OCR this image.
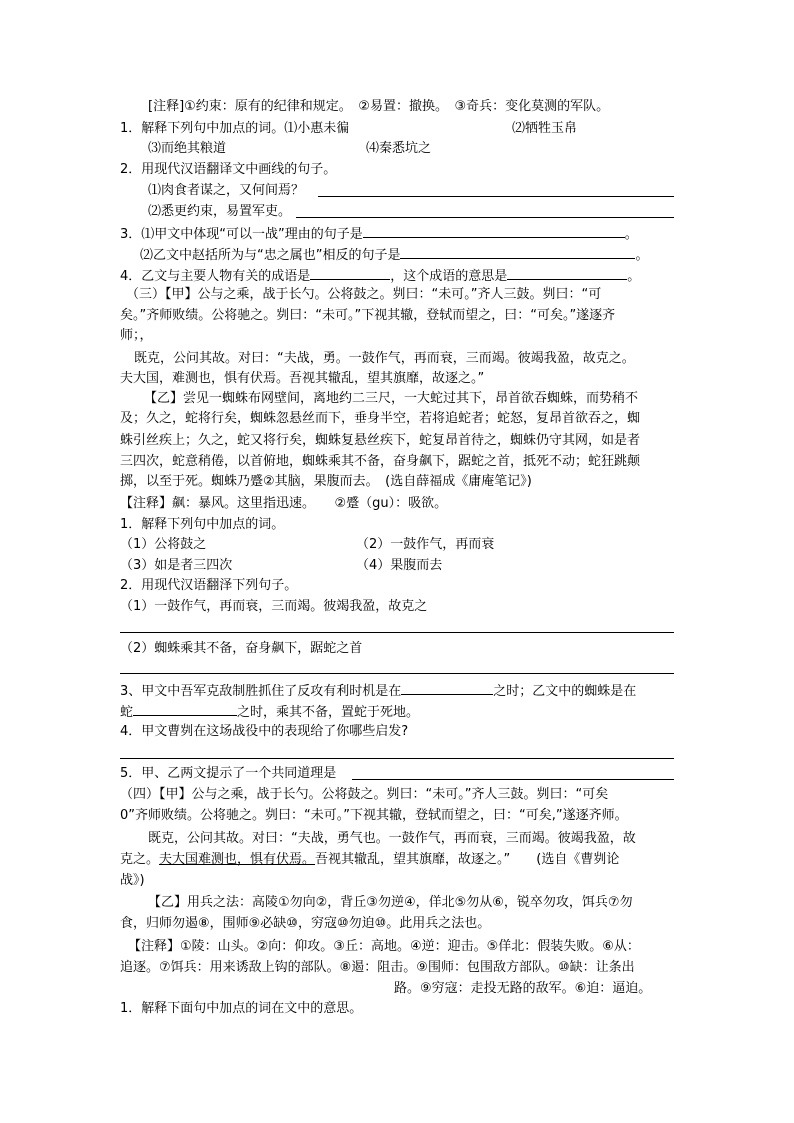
[注释]①约束：原有的纪律和规定。　②易置：撤换。　③奇兵：变化莫测的军队。
1．解释下列句中加点的词。⑴小惠未徧	⑵牺牲玉帛
⑶而绝其粮道	⑷秦悉坑之
2．用现代汉语翻译文中画线的句子。
⑴肉食者谋之，又何间焉？
⑵悉更约束，易置军吏。
3．⑴甲文中体现“可以一战”理由的句子是	。
⑵乙文中赵括所为与“忠之属也”相反的句子是	。
4．乙文与主要人物有关的成语是	，这个成语的意思是	。
（三）【甲】公与之乘，战于长勺。公将鼓之。刿曰：“未可。”齐人三鼓。刿曰：“可
矣。”齐师败绩。公将驰之。刿曰：“未可。”下视其辙，登轼而望之，曰：“可矣。”遂逐齐
师；，
既克，公问其故。对曰：“夫战，勇。一鼓作气，再而衰，三而竭。彼竭我盈，故克之。
夫大国，难测也，惧有伏焉。吾视其辙乱，望其旗靡，故逐之。”
【乙】尝见一蜘蛛布网壁间，离地约二三尺，一大蛇过其下，昂首欲吞蜘蛛，而势稍不
及；久之，蛇将行矣，蜘蛛忽悬丝而下，垂身半空，若将追蛇者；蛇怒，复昂首欲吞之，蜘
蛛引丝疾上；久之，蛇又将行矣，蜘蛛复悬丝疾下，蛇复昂首待之，蜘蛛仍守其网，如是者
三四次，蛇意稍倦，以首俯地，蜘蛛乘其不备，奋身飙下，踞蛇之首，抵死不动；蛇狂跳颠
掷，以至于死。蜘蛛乃蹙②其脑，果腹而去。　(选自薛福成《庸庵笔记》)
【注释】飙：暴风。这里指迅速。　　②蹙（gu）：吸欲。
1．解释下列句中加点的词。
（1）公将鼓之	（2）一鼓作气，再而衰
（3）如是者三四次	（4）果腹而去
2．用现代汉语翻泽下列句子。
（1）一鼓作气，再而衰，三而竭。彼竭我盈，故克之
（2）蜘蛛乘其不备，奋身飙下，踞蛇之首
3、甲文中吾军克敌制胜抓住了反攻有利时机是在	之时；乙文中的蜘蛛是在
蛇	之时，乘其不备，置蛇于死地。
4．甲文曹刿在这场战役中的表现给了你哪些启发?
5．甲、乙两文提示了一个共同道理是
（四）【甲】公与之乘，战于长勺。公将鼓之。刿曰：“未可。”齐人三鼓。刿曰：“可矣
0”齐师败绩。公将驰之。刿曰：“未可。”下视其辙，登轼而望之，曰：“可矣,”遂逐齐师。
既克，公问其故。对曰：“夫战，勇气也。一鼓作气，再而衰，三而竭。彼竭我盈，故
克之。夫大国难测也，惧有伏焉。吾视其辙乱，望其旗靡，故逐之。”　　(选自《曹刿论
战》)
【乙】用兵之法：高陵①勿向②，背丘③勿逆④，佯北⑤勿从⑥，锐卒勿攻，饵兵⑦勿
食，归师勿遏⑧，围师⑨必缺⑩，穷寇⑩勿迫⑩。此用兵之法也。
【注释】①陵：山头。②向：仰攻。③丘：高地。④逆：迎击。⑤佯北：假装失败。⑥从：
追逐。⑦饵兵：用来诱敌上钩的部队。⑧遏：阻击。⑨围师：包围敌方部队。⑩缺：让条出
路。⑨穷寇：走投无路的敌军。⑥迫：逼迫。
1．解释下面句中加点的词在文中的意思。
